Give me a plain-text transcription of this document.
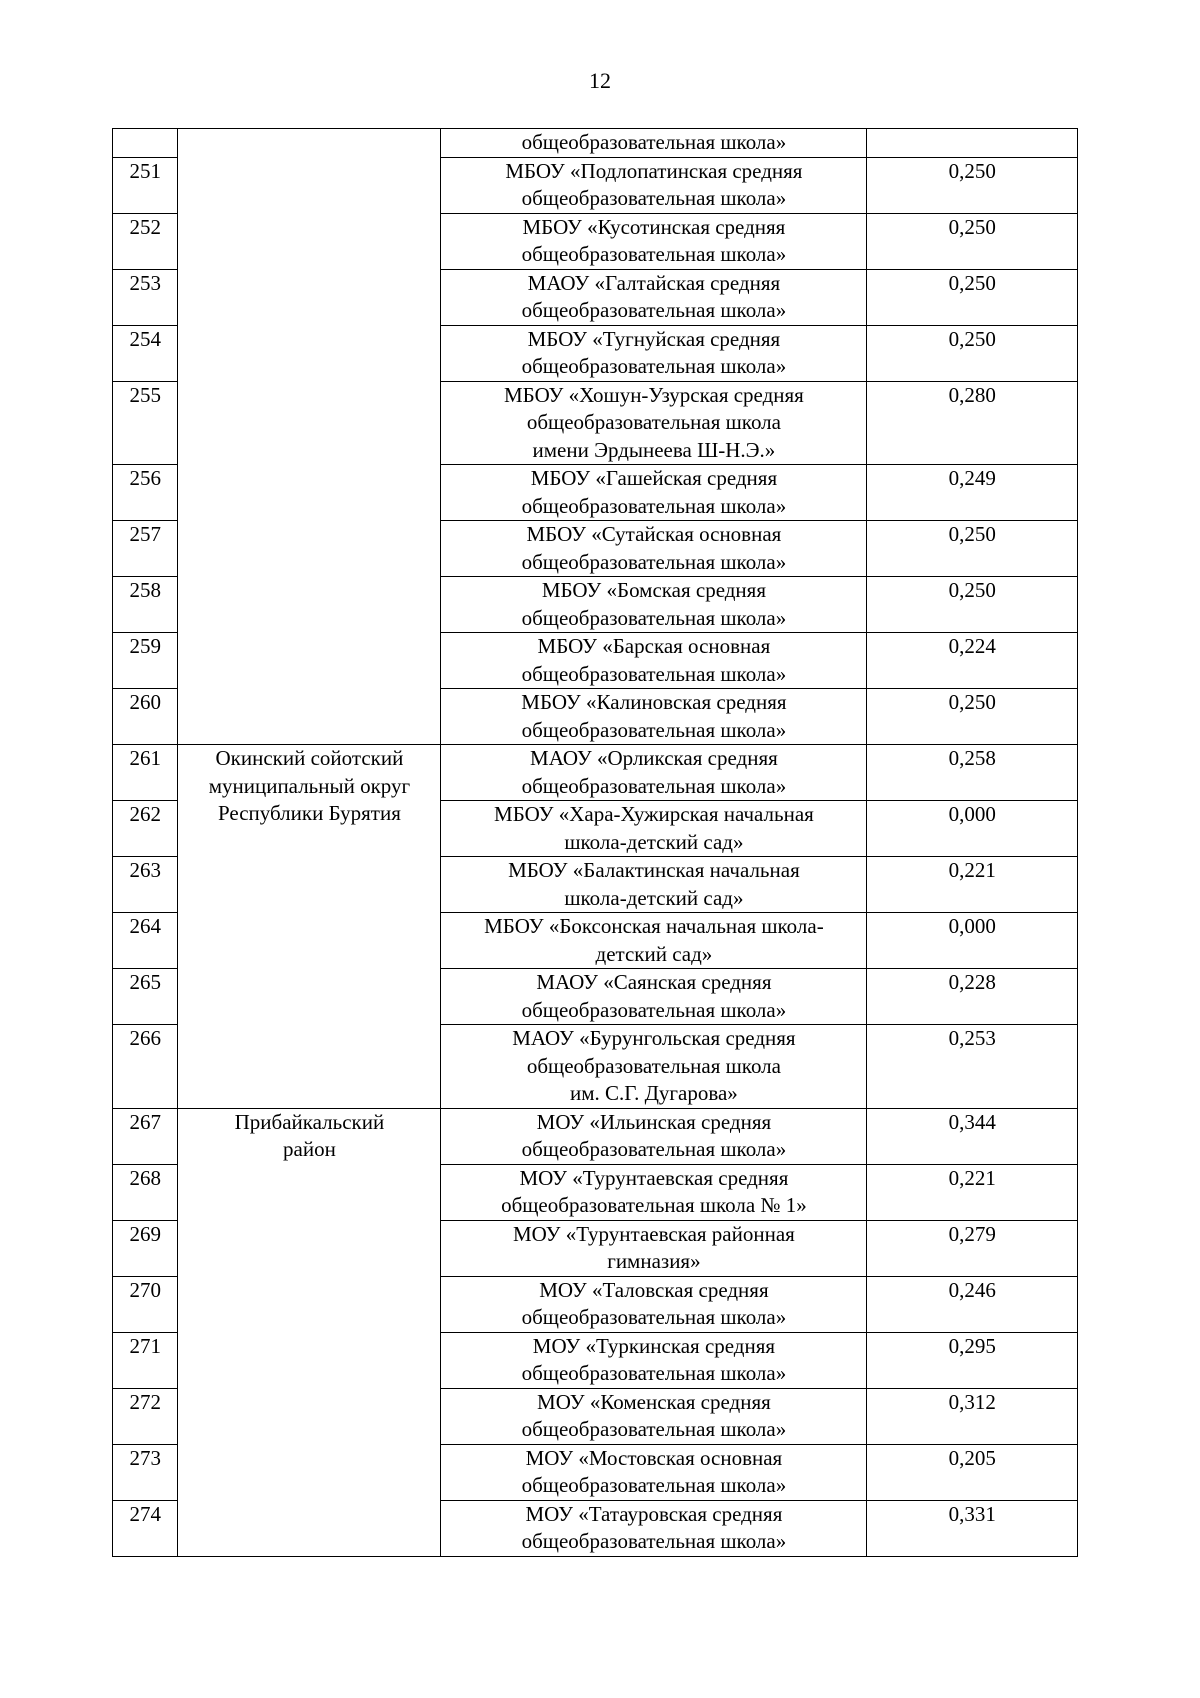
12

		общеобразовательная школа»	

251		МБОУ «Подлопатинская средняя
общеобразовательная школа»	0,250
252		МБОУ «Кусотинская средняя
общеобразовательная школа»	0,250
253		МАОУ «Галтайская средняя
общеобразовательная школа»	0,250
254		МБОУ «Тугнуйская средняя
общеобразовательная школа»	0,250
255		МБОУ «Хошун-Узурская средняя
общеобразовательная школа
имени Эрдынеева Ш-Н.Э.»	0,280
256		МБОУ «Гашейская средняя
общеобразовательная школа»	0,249
257		МБОУ «Сутайская основная
общеобразовательная школа»	0,250
258		МБОУ «Бомская средняя
общеобразовательная школа»	0,250
259		МБОУ «Барская основная
общеобразовательная школа»	0,224
260		МБОУ «Калиновская средняя
общеобразовательная школа»	0,250
261	Окинский сойотский
муниципальный округ
Республики Бурятия	МАОУ «Орликская средняя
общеобразовательная школа»	0,258
262		МБОУ «Хара-Хужирская начальная
школа-детский сад»	0,000
263		МБОУ «Балактинская начальная
школа-детский сад»	0,221
264		МБОУ «Боксонская начальная школа-
детский сад»	0,000
265		МАОУ «Саянская средняя
общеобразовательная школа»	0,228
266		МАОУ «Бурунгольская средняя
общеобразовательная школа
им. С.Г. Дугарова»	0,253
267	Прибайкальский
район	МОУ «Ильинская средняя
общеобразовательная школа»	0,344
268		МОУ «Турунтаевская средняя
общеобразовательная школа № 1»	0,221
269		МОУ «Турунтаевская районная
гимназия»	0,279
270		МОУ «Таловская средняя
общеобразовательная школа»	0,246
271		МОУ «Туркинская средняя
общеобразовательная школа»	0,295
272		МОУ «Коменская средняя
общеобразовательная школа»	0,312
273		МОУ «Мостовская основная
общеобразовательная школа»	0,205
274		МОУ «Татауровская средняя
общеобразовательная школа»	0,331
